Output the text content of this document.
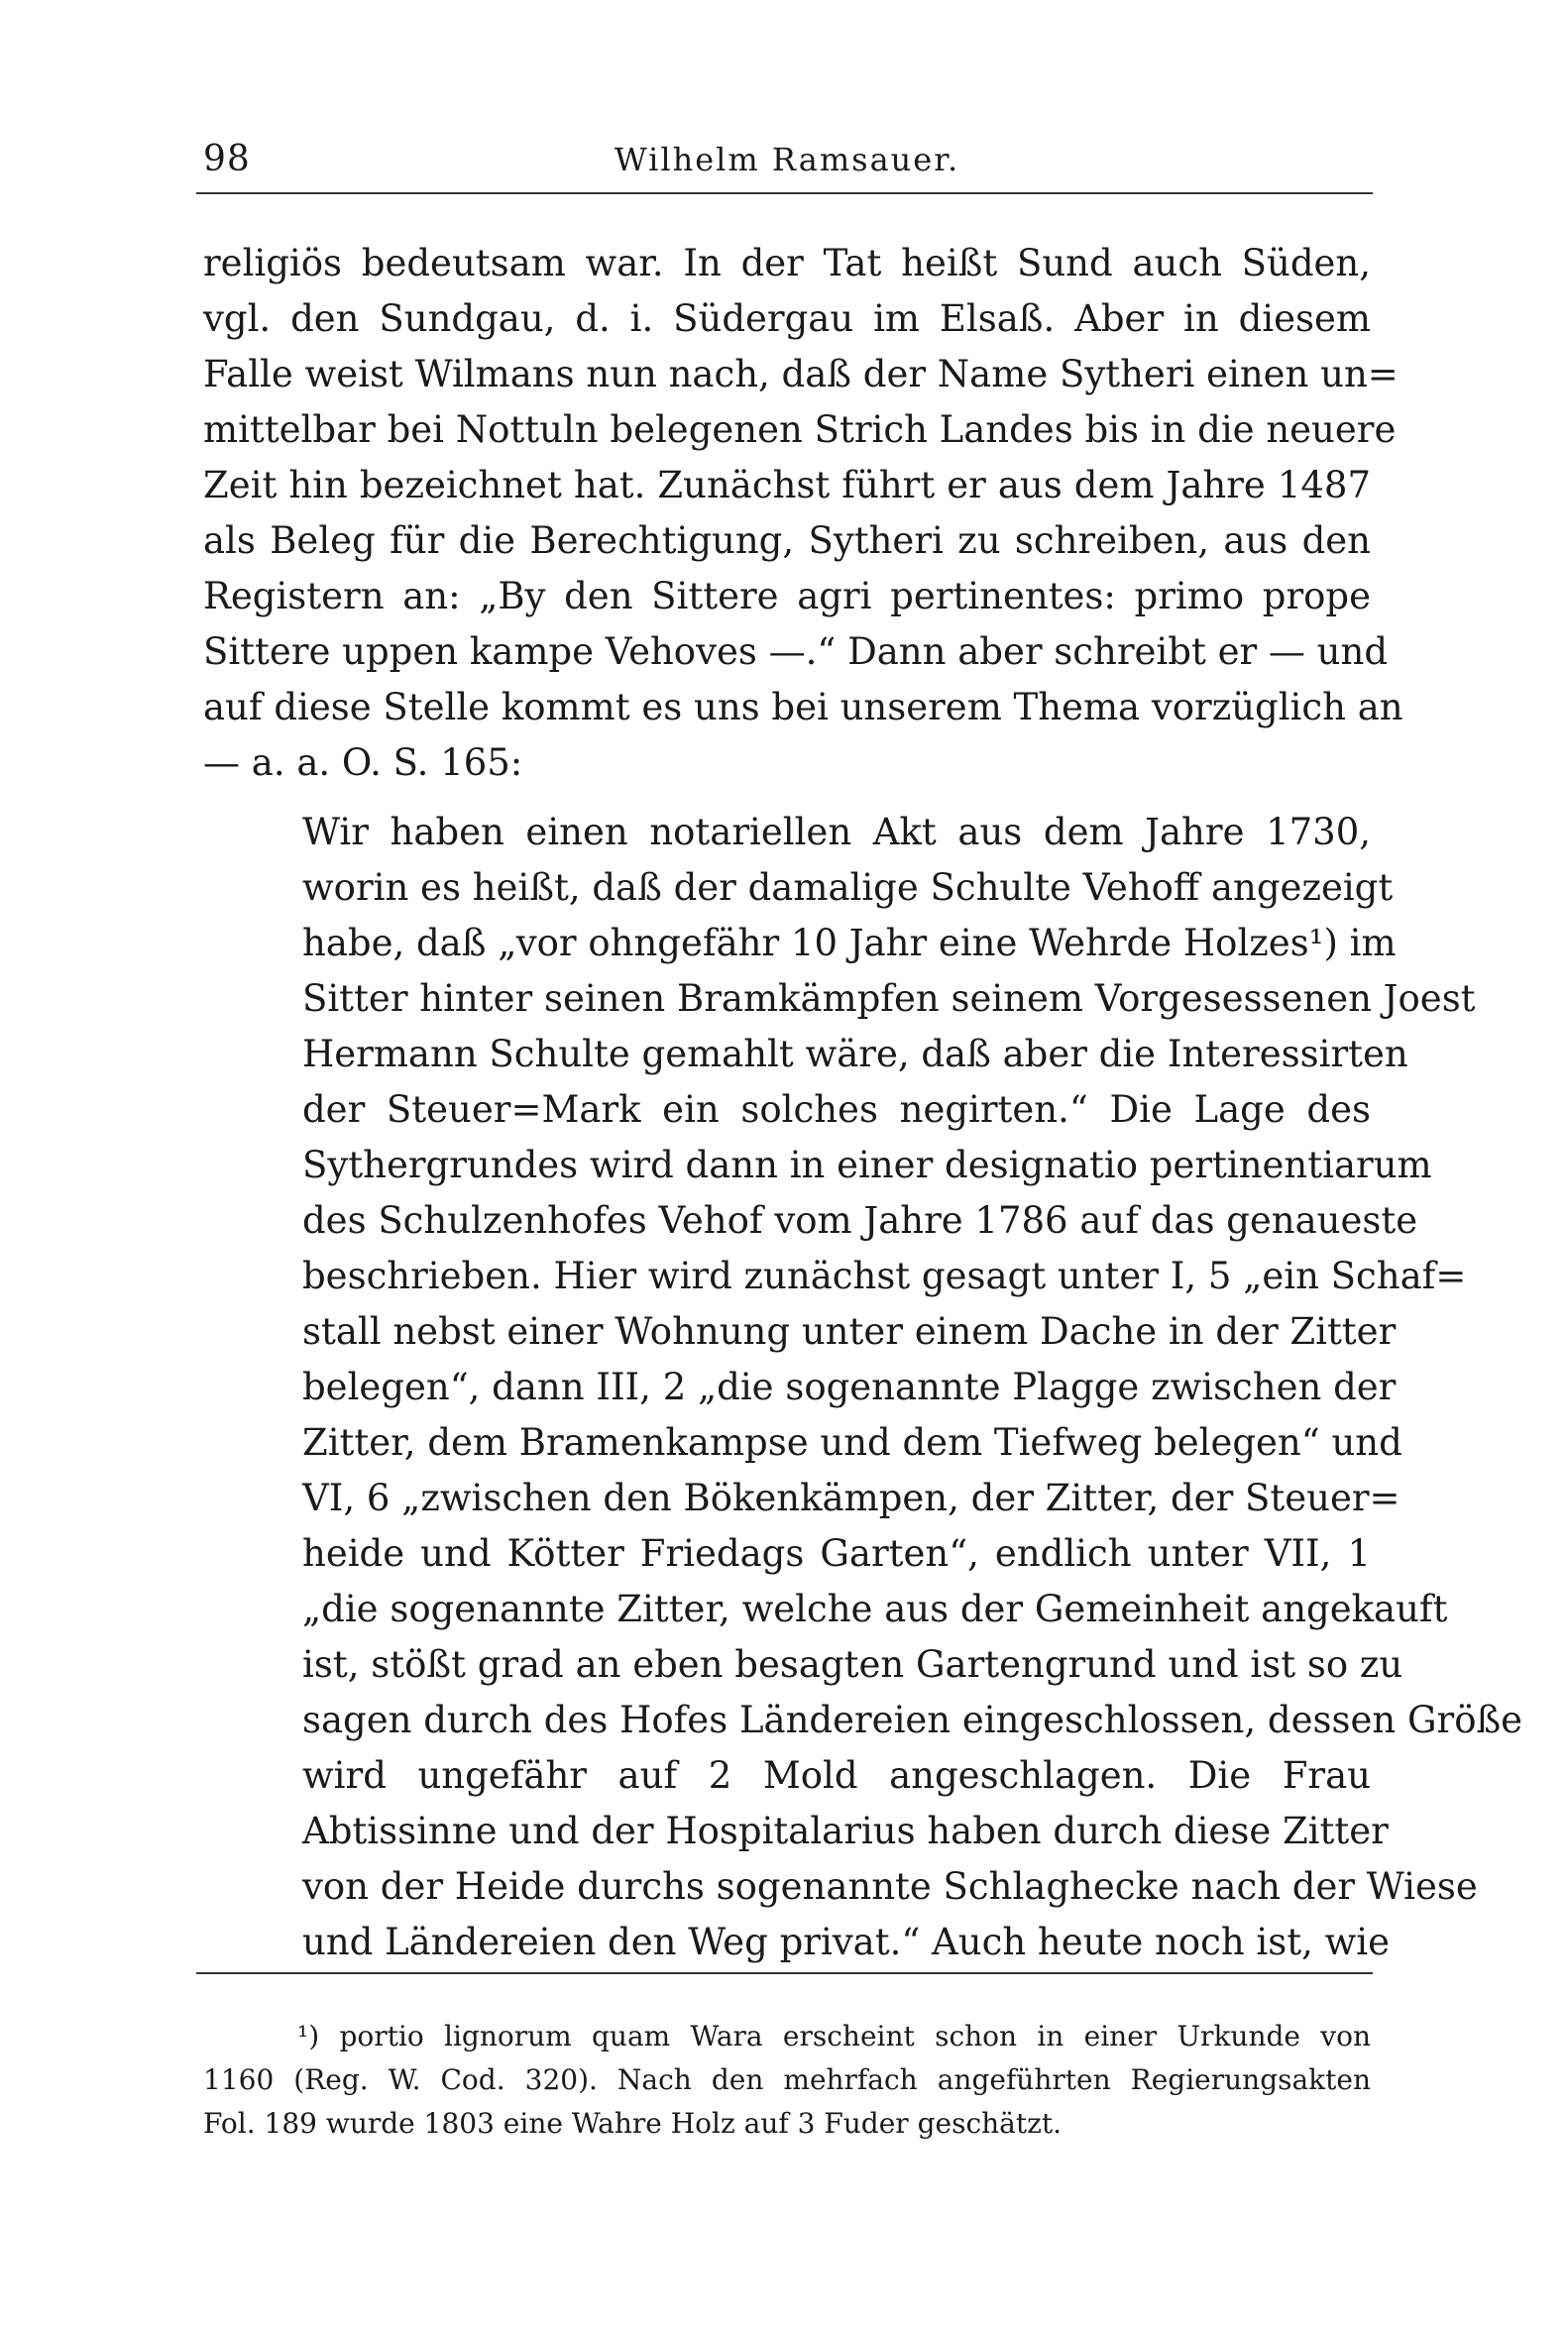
98	Wilhelm Ramsauer.
religiös bedeutsam war. In der Tat heißt Sund auch Süden,
vgl. den Sundgau, d. i. Südergau im Elsaß. Aber in diesem
Falle weist Wilmans nun nach, daß der Name Sytheri einen un=
mittelbar bei Nottuln belegenen Strich Landes bis in die neuere
Zeit hin bezeichnet hat. Zunächst führt er aus dem Jahre 1487
als Beleg für die Berechtigung, Sytheri zu schreiben, aus den
Registern an: „By den Sittere agri pertinentes: primo prope
Sittere uppen kampe Vehoves —.“ Dann aber schreibt er — und
auf diese Stelle kommt es uns bei unserem Thema vorzüglich an
— a. a. O. S. 165:
Wir haben einen notariellen Akt aus dem Jahre 1730,
worin es heißt, daß der damalige Schulte Vehoff angezeigt
habe, daß „vor ohngefähr 10 Jahr eine Wehrde Holzes¹) im
Sitter hinter seinen Bramkämpfen seinem Vorgesessenen Joest
Hermann Schulte gemahlt wäre, daß aber die Interessirten
der Steuer=Mark ein solches negirten.“ Die Lage des
Sythergrundes wird dann in einer designatio pertinentiarum
des Schulzenhofes Vehof vom Jahre 1786 auf das genaueste
beschrieben. Hier wird zunächst gesagt unter I, 5 „ein Schaf=
stall nebst einer Wohnung unter einem Dache in der Zitter
belegen“, dann III, 2 „die sogenannte Plagge zwischen der
Zitter, dem Bramenkampse und dem Tiefweg belegen“ und
VI, 6 „zwischen den Bökenkämpen, der Zitter, der Steuer=
heide und Kötter Friedags Garten“, endlich unter VII, 1
„die sogenannte Zitter, welche aus der Gemeinheit angekauft
ist, stößt grad an eben besagten Gartengrund und ist so zu
sagen durch des Hofes Ländereien eingeschlossen, dessen Größe
wird ungefähr auf 2 Mold angeschlagen. Die Frau
Abtissinne und der Hospitalarius haben durch diese Zitter
von der Heide durchs sogenannte Schlaghecke nach der Wiese
und Ländereien den Weg privat.“ Auch heute noch ist, wie
¹) portio lignorum quam Wara erscheint schon in einer Urkunde von
1160 (Reg. W. Cod. 320). Nach den mehrfach angeführten Regierungsakten
Fol. 189 wurde 1803 eine Wahre Holz auf 3 Fuder geschätzt.
